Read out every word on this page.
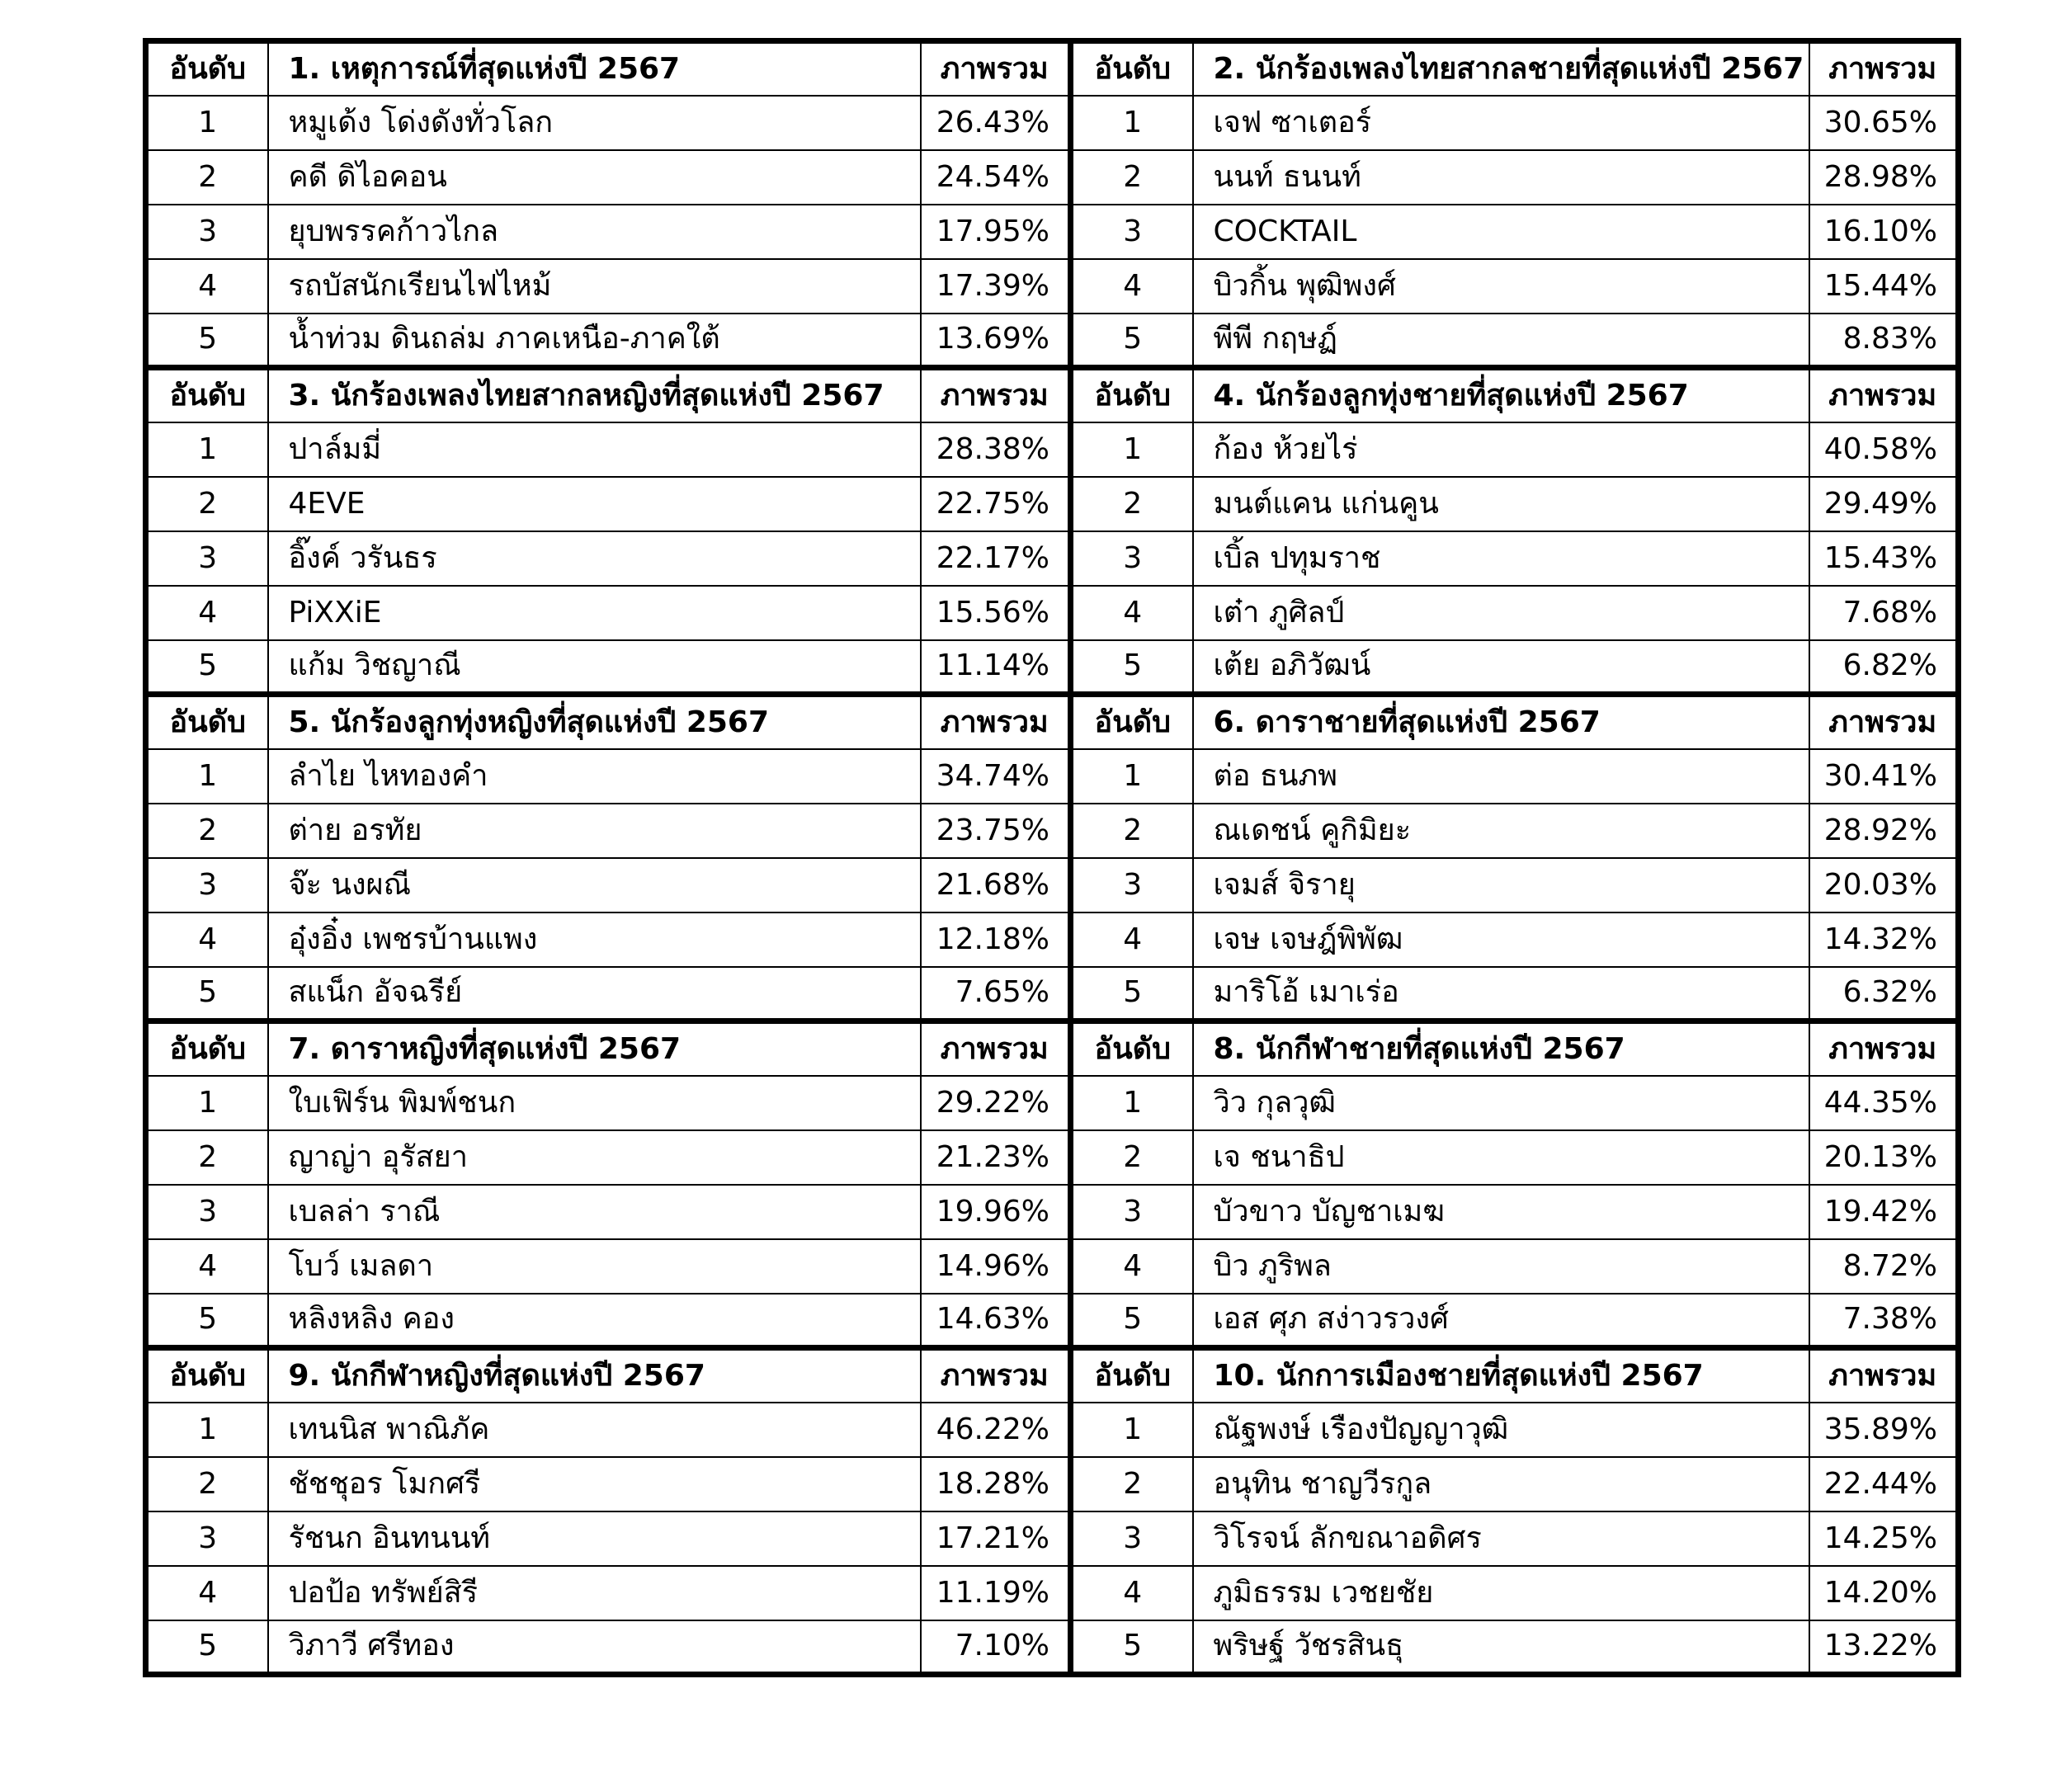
อันดับ	1. เหตุการณ์ที่สุดแห่งปี 2567	ภาพรวม	อันดับ	2. นักร้องเพลงไทยสากลชายที่สุดแห่งปี 2567	ภาพรวม
1	หมูเด้ง โด่งดังทั่วโลก	26.43%	1	เจฟ ซาเตอร์	30.65%
2	คดี ดิไอคอน	24.54%	2	นนท์ ธนนท์	28.98%
3	ยุบพรรคก้าวไกล	17.95%	3	COCKTAIL	16.10%
4	รถบัสนักเรียนไฟไหม้	17.39%	4	บิวกิ้น พุฒิพงศ์	15.44%
5	น้ำท่วม ดินถล่ม ภาคเหนือ-ภาคใต้	13.69%	5	พีพี กฤษฏ์	8.83%
อันดับ	3. นักร้องเพลงไทยสากลหญิงที่สุดแห่งปี 2567	ภาพรวม	อันดับ	4. นักร้องลูกทุ่งชายที่สุดแห่งปี 2567	ภาพรวม
1	ปาล์มมี่	28.38%	1	ก้อง ห้วยไร่	40.58%
2	4EVE	22.75%	2	มนต์แคน แก่นคูน	29.49%
3	อิ๊งค์ วรันธร	22.17%	3	เบิ้ล ปทุมราช	15.43%
4	PiXXiE	15.56%	4	เต๋า ภูศิลป์	7.68%
5	แก้ม วิชญาณี	11.14%	5	เต้ย อภิวัฒน์	6.82%
อันดับ	5. นักร้องลูกทุ่งหญิงที่สุดแห่งปี 2567	ภาพรวม	อันดับ	6. ดาราชายที่สุดแห่งปี 2567	ภาพรวม
1	ลำไย ไหทองคำ	34.74%	1	ต่อ ธนภพ	30.41%
2	ต่าย อรทัย	23.75%	2	ณเดชน์ คูกิมิยะ	28.92%
3	จ๊ะ นงผณี	21.68%	3	เจมส์ จิรายุ	20.03%
4	อุ๋งอิ๋ง เพชรบ้านแพง	12.18%	4	เจษ เจษฎ์พิพัฒ	14.32%
5	สแน็ก อัจฉรีย์	7.65%	5	มาริโอ้ เมาเร่อ	6.32%
อันดับ	7. ดาราหญิงที่สุดแห่งปี 2567	ภาพรวม	อันดับ	8. นักกีฬาชายที่สุดแห่งปี 2567	ภาพรวม
1	ใบเฟิร์น พิมพ์ชนก	29.22%	1	วิว กุลวุฒิ	44.35%
2	ญาญ่า อุรัสยา	21.23%	2	เจ ชนาธิป	20.13%
3	เบลล่า ราณี	19.96%	3	บัวขาว บัญชาเมฆ	19.42%
4	โบว์ เมลดา	14.96%	4	บิว ภูริพล	8.72%
5	หลิงหลิง คอง	14.63%	5	เอส ศุภ สง่าวรวงศ์	7.38%
อันดับ	9. นักกีฬาหญิงที่สุดแห่งปี 2567	ภาพรวม	อันดับ	10. นักการเมืองชายที่สุดแห่งปี 2567	ภาพรวม
1	เทนนิส พาณิภัค	46.22%	1	ณัฐพงษ์ เรืองปัญญาวุฒิ	35.89%
2	ชัชชุอร โมกศรี	18.28%	2	อนุทิน ชาญวีรกูล	22.44%
3	รัชนก อินทนนท์	17.21%	3	วิโรจน์ ลักขณาอดิศร	14.25%
4	ปอป้อ ทรัพย์สิรี	11.19%	4	ภูมิธรรม เวชยชัย	14.20%
5	วิภาวี ศรีทอง	7.10%	5	พริษฐ์ วัชรสินธุ	13.22%
